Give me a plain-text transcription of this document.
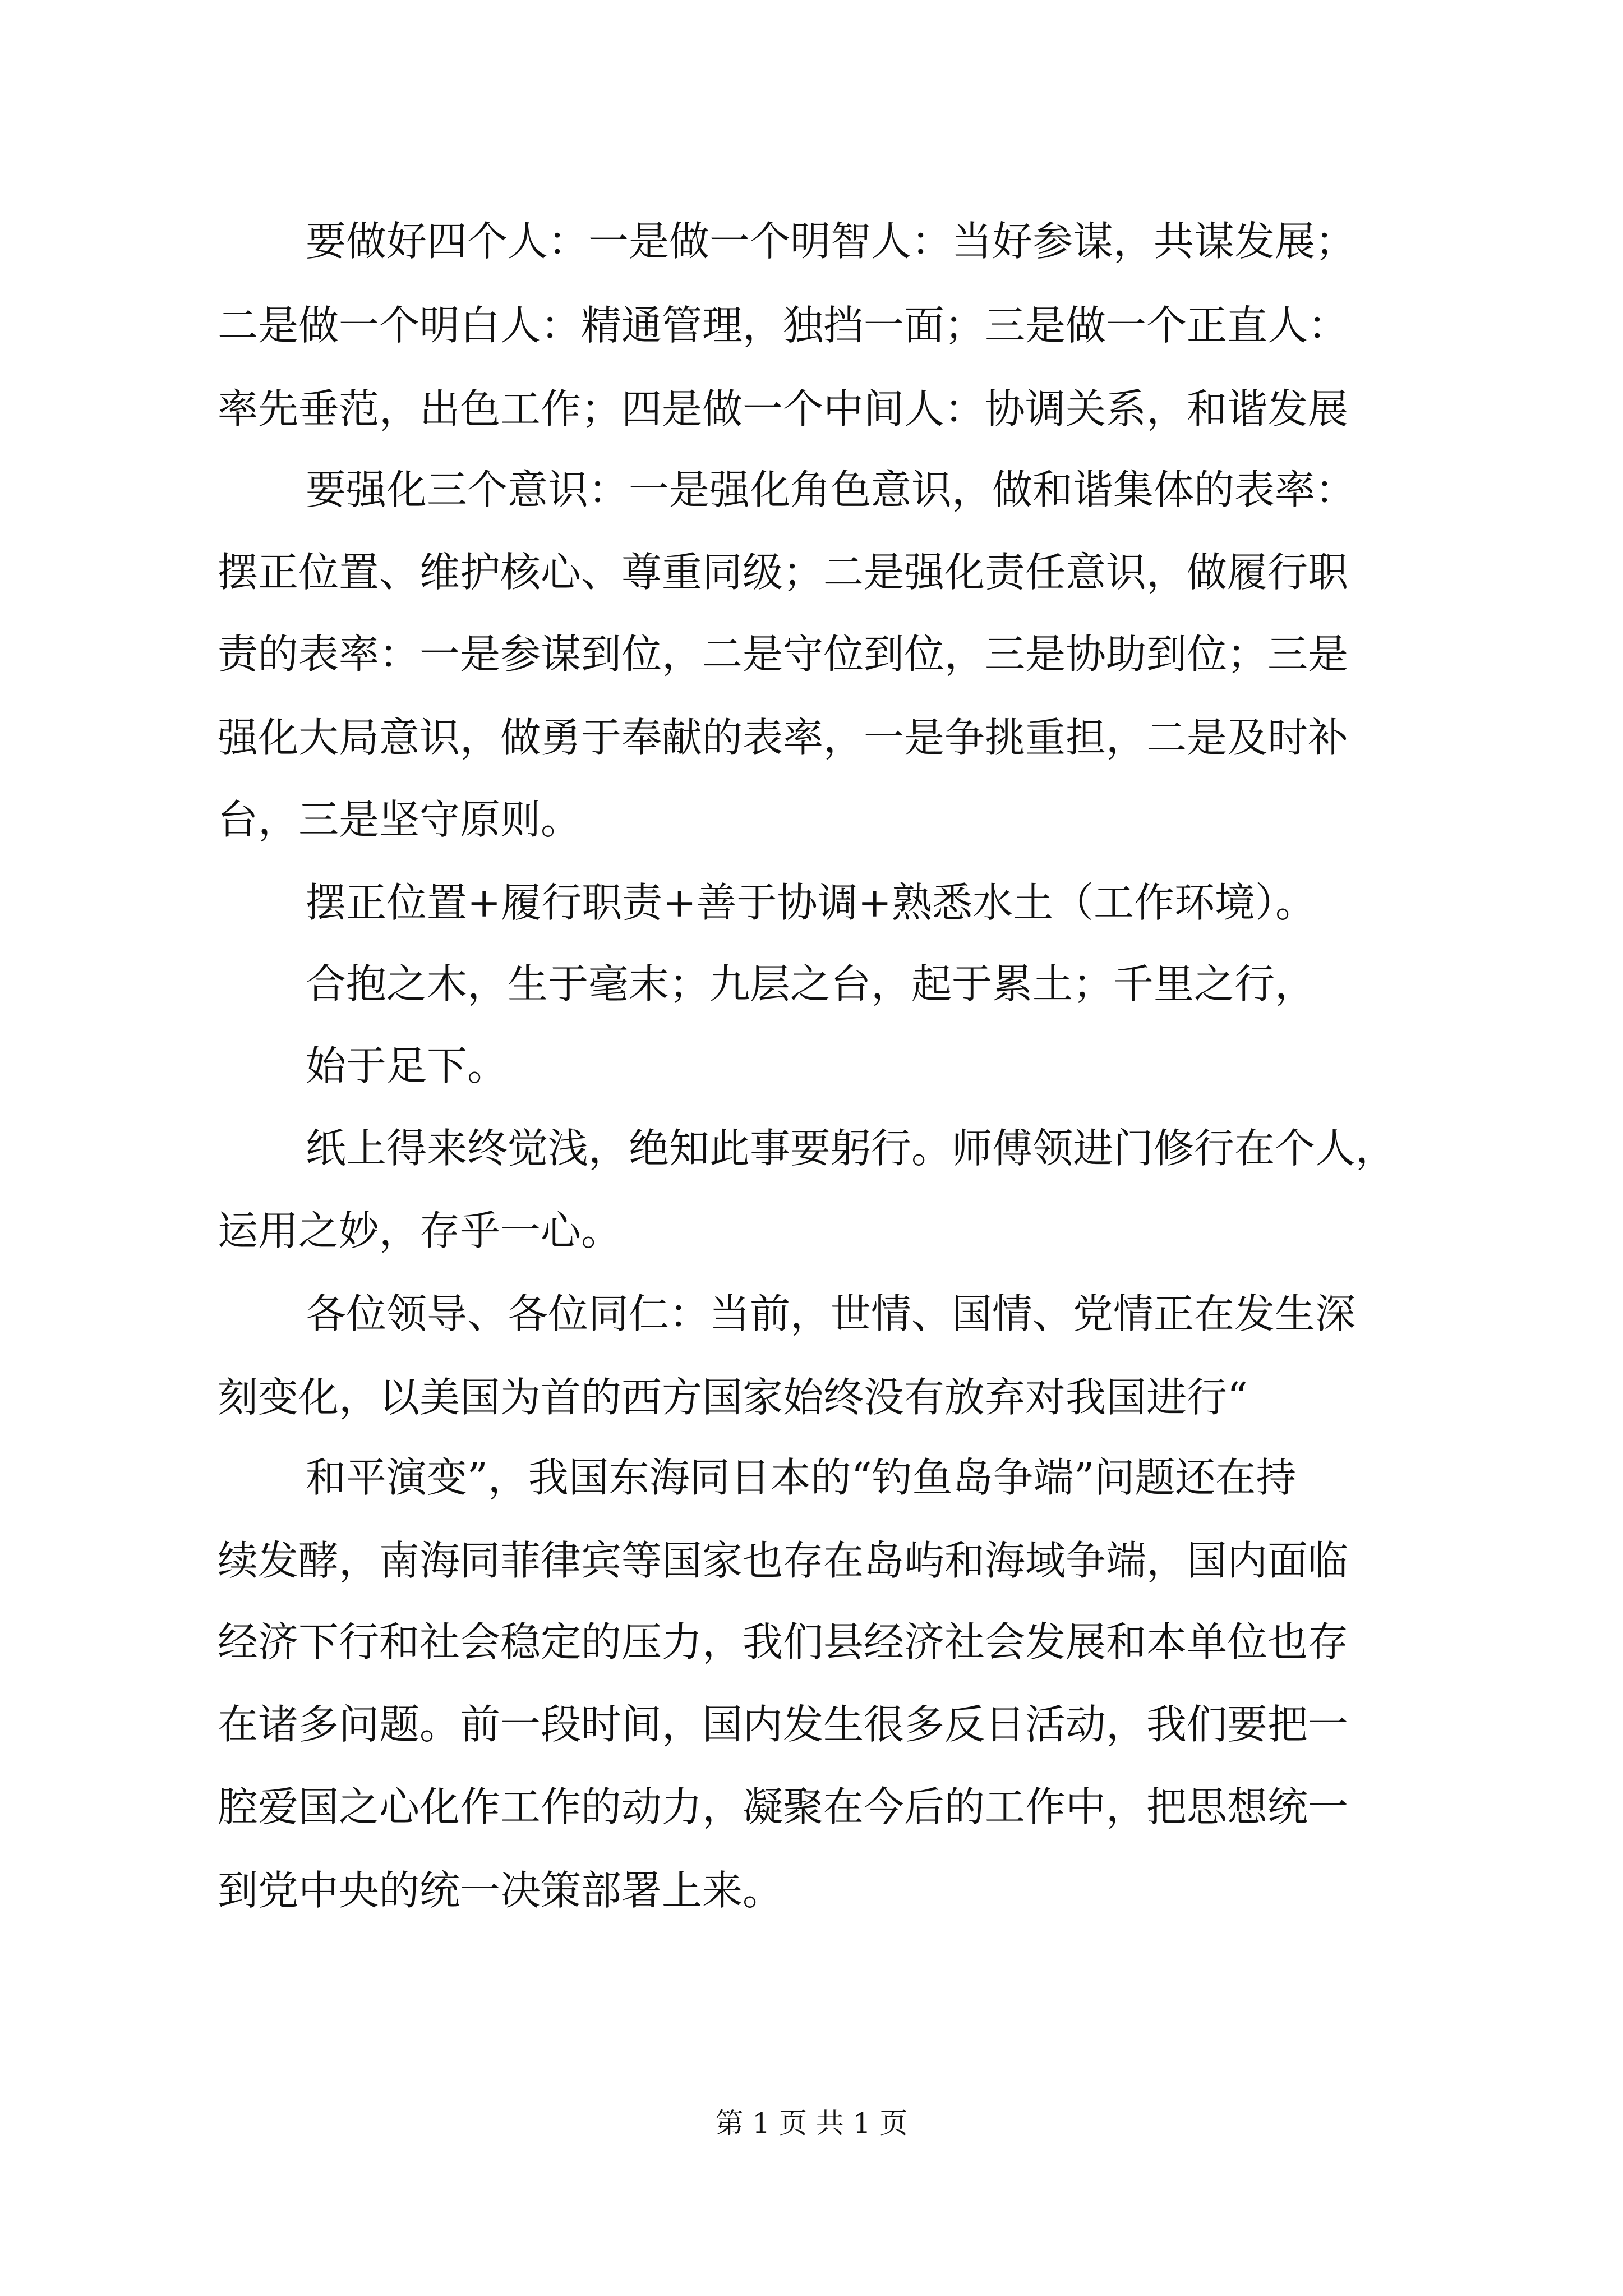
要做好四个人：一是做一个明智人：当好参谋，共谋发展；
二是做一个明白人：精通管理，独挡一面；三是做一个正直人：
率先垂范，出色工作；四是做一个中间人：协调关系，和谐发展
要强化三个意识：一是强化角色意识，做和谐集体的表率：
摆正位置、维护核心、尊重同级；二是强化责任意识，做履行职
责的表率：一是参谋到位，二是守位到位，三是协助到位；三是
强化大局意识，做勇于奉献的表率，一是争挑重担，二是及时补
台，三是坚守原则。
摆正位置+履行职责+善于协调+熟悉水土（工作环境）。
合抱之木，生于毫末；九层之台，起于累土；千里之行，
始于足下。
纸上得来终觉浅，绝知此事要躬行。师傅领进门修行在个人，
运用之妙，存乎一心。
各位领导、各位同仁：当前，世情、国情、党情正在发生深
刻变化，以美国为首的西方国家始终没有放弃对我国进行“
和平演变”，我国东海同日本的“钓鱼岛争端”问题还在持
续发酵，南海同菲律宾等国家也存在岛屿和海域争端，国内面临
经济下行和社会稳定的压力，我们县经济社会发展和本单位也存
在诸多问题。前一段时间，国内发生很多反日活动，我们要把一
腔爱国之心化作工作的动力，凝聚在今后的工作中，把思想统一
到党中央的统一决策部署上来。
第 1 页 共 1 页
